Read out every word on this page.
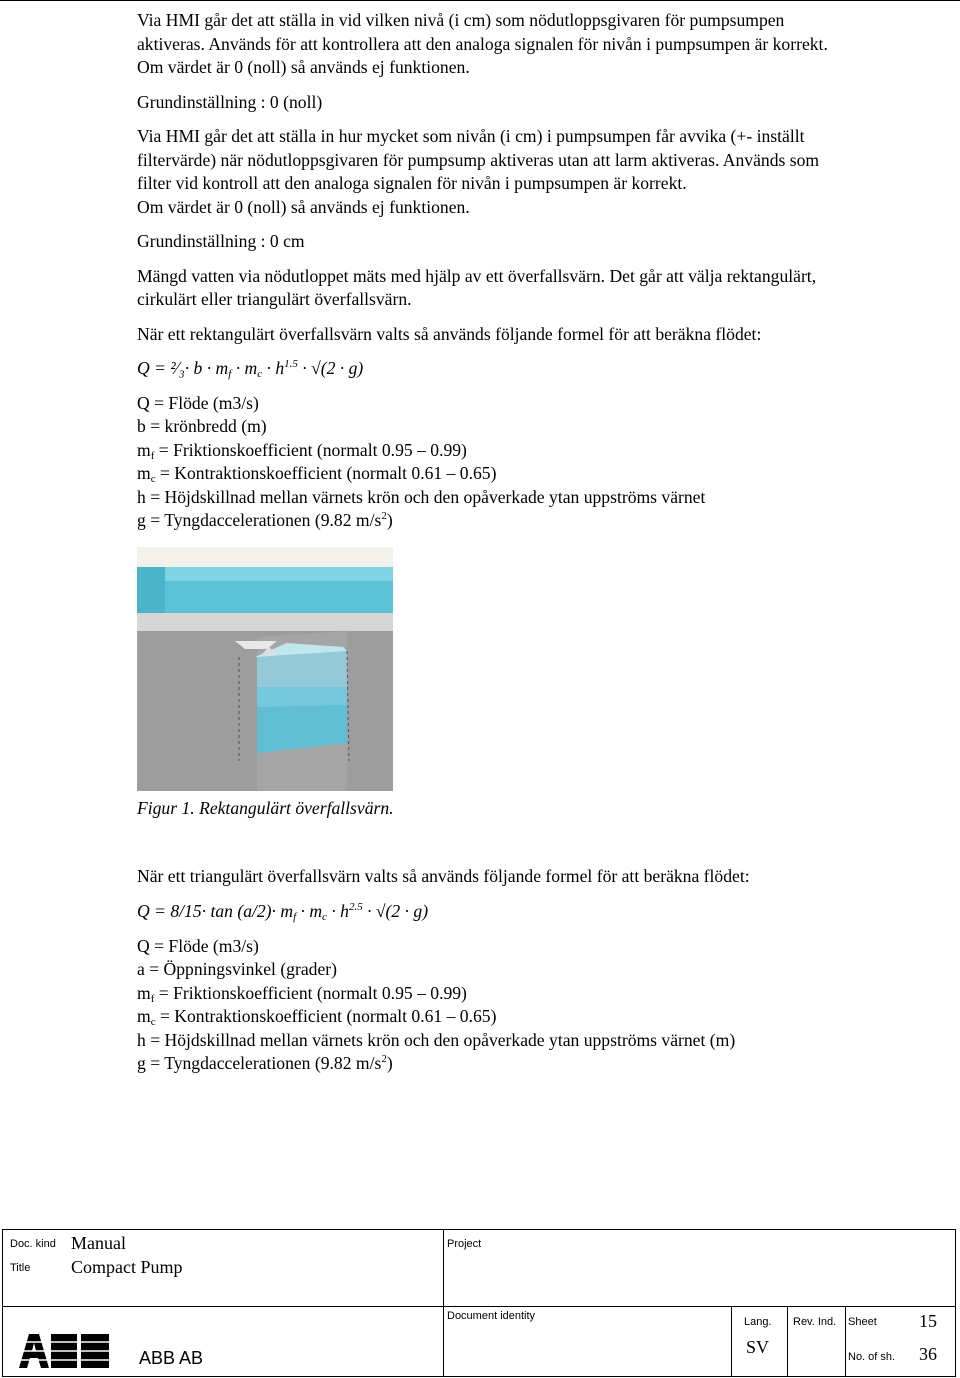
Via HMI går det att ställa in vid vilken nivå (i cm) som nödutloppsgivaren för pumpsumpen

aktiveras. Används för att kontrollera att den analoga signalen för nivån i pumpsumpen är korrekt.

Om värdet är 0 (noll) så används ej funktionen.

Grundinställning : 0 (noll)

Via HMI går det att ställa in hur mycket som nivån (i cm) i pumpsumpen får avvika (+- inställt

filtervärde) när nödutloppsgivaren för pumpsump aktiveras utan att larm aktiveras. Används som

filter vid kontroll att den analoga signalen för nivån i pumpsumpen är korrekt.

Om värdet är 0 (noll) så används ej funktionen.

Grundinställning : 0 cm

Mängd vatten via nödutloppet mäts med hjälp av ett överfallsvärn. Det går att välja rektangulärt,

cirkulärt eller triangulärt överfallsvärn.

När ett rektangulärt överfallsvärn valts så används följande formel för att beräkna flödet:

Q = ²⁄₃· $b \cdot m_f \cdot m_c \cdot h^{1.5} \cdot √(2 \cdot g)$

Q = Flöde (m3/s)

b = krönbredd (m)

$m_f$ = Friktionskoefficient (normalt 0.95 – 0.99)

$m_c$ = Kontraktionskoefficient (normalt 0.61 – 0.65)

h = Höjdskillnad mellan värnets krön och den opåverkade ytan uppströms värnet

g = Tyngdaccelerationen (9.82 $m/s^2$)

Figur 1. Rektangulärt överfallsvärn.

När ett triangulärt överfallsvärn valts så används följande formel för att beräkna flödet:

$Q = 8/15\cdot \tan (a/2)\cdot m_f \cdot m_c \cdot h^{2.5} \cdot √(2 \cdot g)$

Q = Flöde (m3/s)

a = Öppningsvinkel (grader)

$m_f$ = Friktionskoefficient (normalt 0.95 – 0.99)

$m_c$ = Kontraktionskoefficient (normalt 0.61 – 0.65)

h = Höjdskillnad mellan värnets krön och den opåverkade ytan uppströms värnet (m)

g = Tyngdaccelerationen (9.82 $m/s^2$)

Doc. kind Manual
Title Compact Pump
Project
Document identity
ABB AB
Lang.
SV
Rev. Ind. Sheet 15
No. of sh. 36
